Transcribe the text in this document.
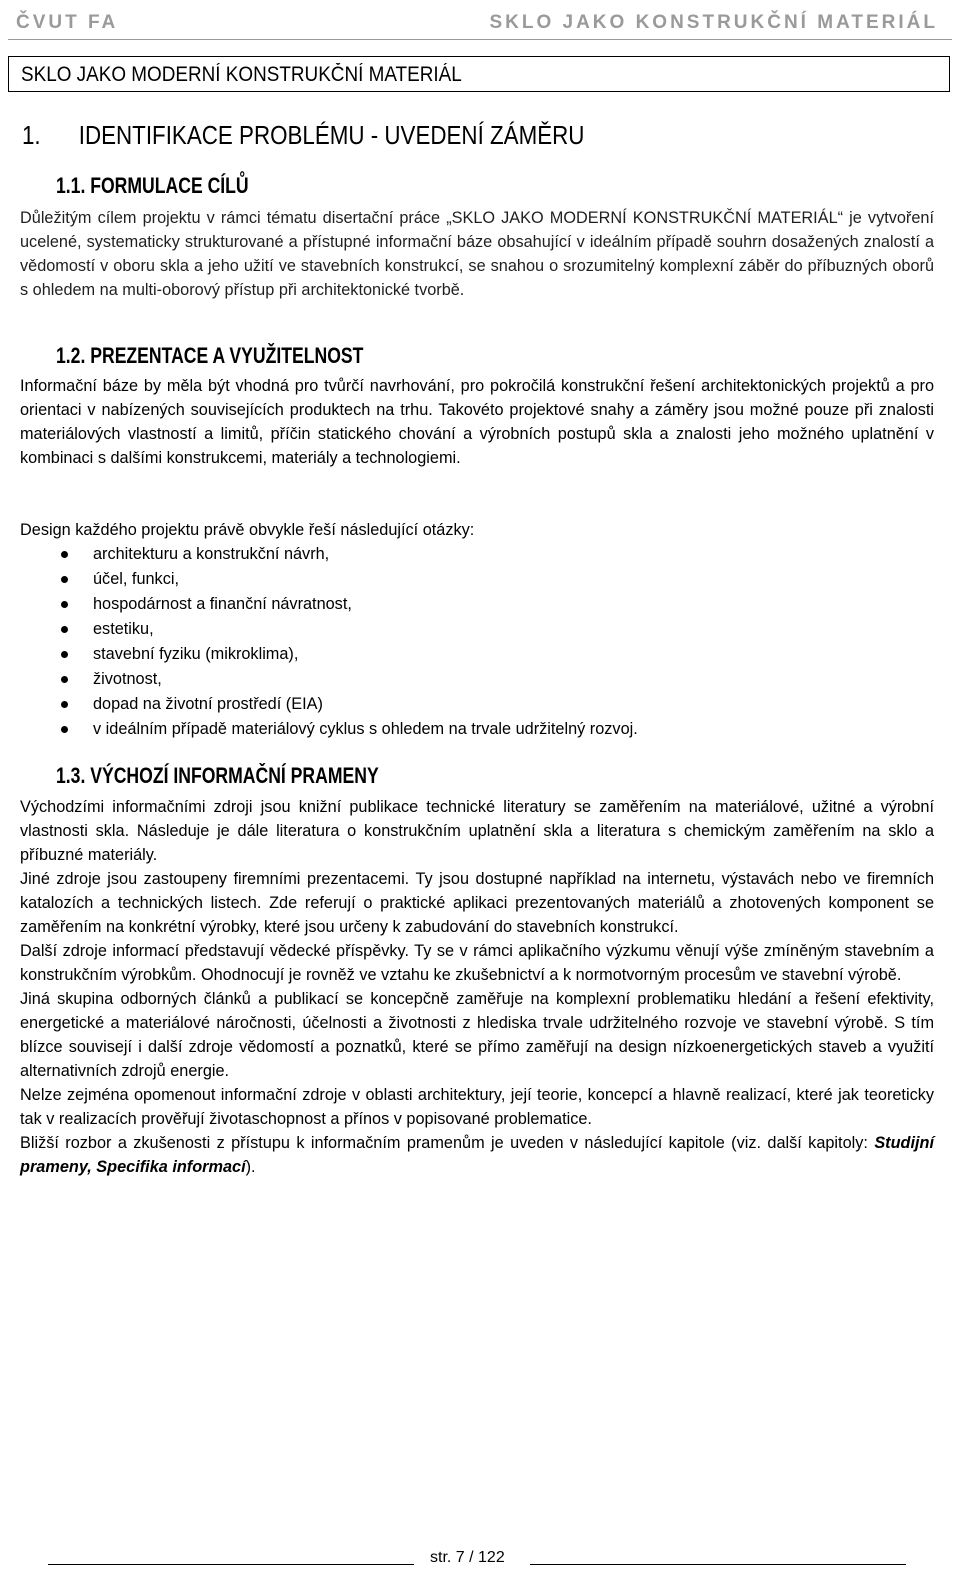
ČVUT FA	SKLO JAKO KONSTRUKČNÍ MATERIÁL
SKLO JAKO MODERNÍ KONSTRUKČNÍ MATERIÁL
1. IDENTIFIKACE PROBLÉMU - UVEDENÍ ZÁMĚRU
1.1. FORMULACE CÍLŮ

Důležitým cílem projektu v rámci tématu disertační práce „SKLO JAKO MODERNÍ KONSTRUKČNÍ MATERIÁL“ je vytvoření ucelené, systematicky strukturované a přístupné informační báze obsahující v ideálním případě souhrn dosažených znalostí a vědomostí v oboru skla a jeho užití ve stavebních konstrukcí, se snahou o srozumitelný komplexní záběr do příbuzných oborů s ohledem na multi-oborový přístup při architektonické tvorbě.

1.2. PREZENTACE A VYUŽITELNOST

Informační báze by měla být vhodná pro tvůrčí navrhování, pro pokročilá konstrukční řešení architektonických projektů a pro orientaci v nabízených souvisejících produktech na trhu. Takovéto projektové snahy a záměry jsou možné pouze při znalosti materiálových vlastností a limitů, příčin statického chování a výrobních postupů skla a znalosti jeho možného uplatnění v kombinaci s dalšími konstrukcemi, materiály a technologiemi.

Design každého projektu právě obvykle řeší následující otázky:

architekturu a konstrukční návrh,
účel, funkci,
hospodárnost a finanční návratnost,
estetiku,
stavební fyziku (mikroklima),
životnost,
dopad na životní prostředí (EIA)
v ideálním případě materiálový cyklus s ohledem na trvale udržitelný rozvoj.
1.3. VÝCHOZÍ INFORMAČNÍ PRAMENY
Východzími informačními zdroji jsou knižní publikace technické literatury se zaměřením na materiálové, užitné a výrobní vlastnosti skla. Následuje je dále literatura o konstrukčním uplatnění skla a literatura s chemickým zaměřením na sklo a příbuzné materiály.
Jiné zdroje jsou zastoupeny firemními prezentacemi. Ty jsou dostupné například na internetu, výstavách nebo ve firemních katalozích a technických listech. Zde referují o praktické aplikaci prezentovaných materiálů a zhotovených komponent se zaměřením na konkrétní výrobky, které jsou určeny k zabudování do stavebních konstrukcí.
Další zdroje informací představují vědecké příspěvky. Ty se v rámci aplikačního výzkumu věnují výše zmíněným stavebním a konstrukčním výrobkům. Ohodnocují je rovněž ve vztahu ke zkušebnictví a k normotvorným procesům ve stavební výrobě.
Jiná skupina odborných článků a publikací se koncepčně zaměřuje na komplexní problematiku hledání a řešení efektivity, energetické a materiálové náročnosti, účelnosti a životnosti z hlediska trvale udržitelného rozvoje ve stavební výrobě. S tím blízce souvisejí i další zdroje vědomostí a poznatků, které se přímo zaměřují na design nízkoenergetických staveb a využití alternativních zdrojů energie.
Nelze zejména opomenout informační zdroje v oblasti architektury, její teorie, koncepcí a hlavně realizací, které jak teoreticky tak v realizacích prověřují životaschopnost a přínos v popisované problematice.
Bližší rozbor a zkušenosti z přístupu k informačním pramenům je uveden v následující kapitole (viz. další kapitoly: Studijní prameny, Specifika informací).
str. 7 / 122
